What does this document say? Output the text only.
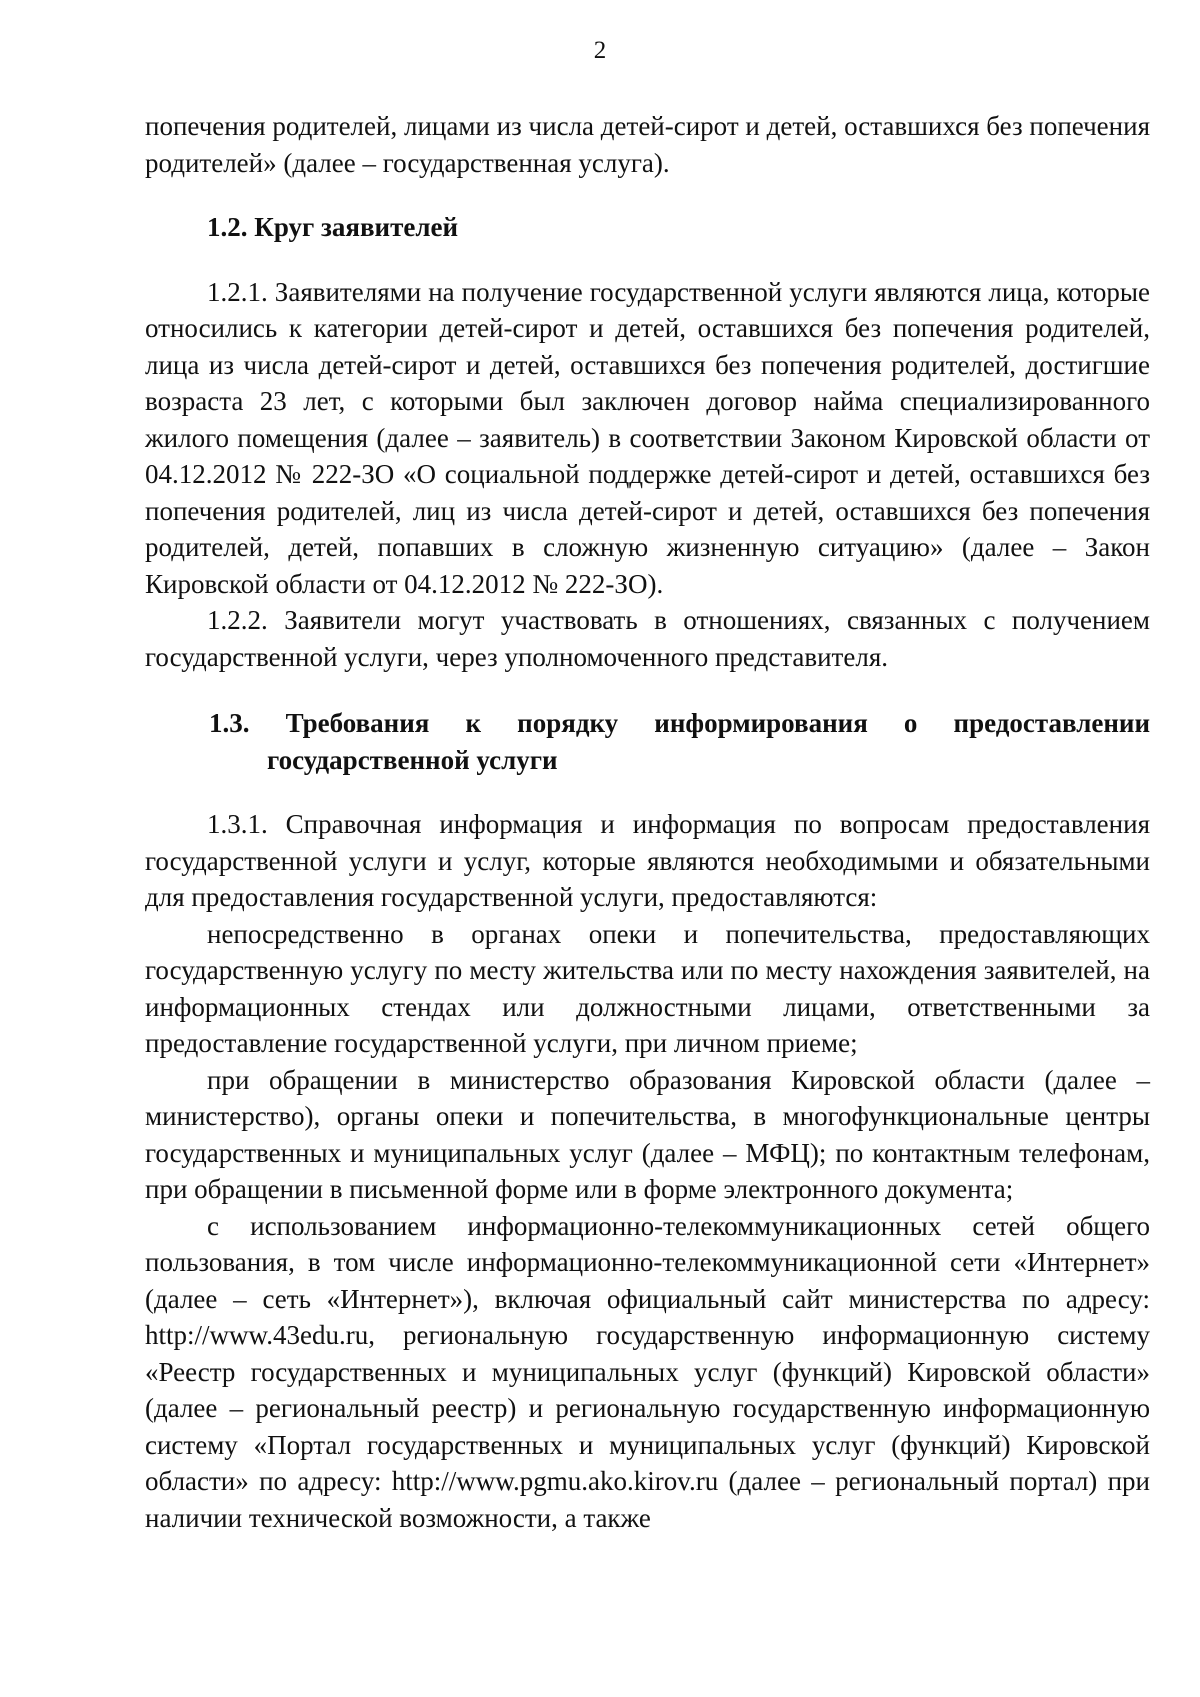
2

попечения родителей, лицами из числа детей-сирот и детей, оставшихся без попечения родителей» (далее – государственная услуга).

1.2. Круг заявителей

1.2.1. Заявителями на получение государственной услуги являются лица, которые относились к категории детей-сирот и детей, оставшихся без попечения родителей, лица из числа детей-сирот и детей, оставшихся без попечения родителей, достигшие возраста 23 лет, с которыми был заключен договор найма специализированного жилого помещения (далее – заявитель) в соответствии Законом Кировской области от 04.12.2012 № 222-ЗО «О социальной поддержке детей-сирот и детей, оставшихся без попечения родителей, лиц из числа детей-сирот и детей, оставшихся без попечения родителей, детей, попавших в сложную жизненную ситуацию» (далее – Закон Кировской области от 04.12.2012 № 222-ЗО).

1.2.2. Заявители могут участвовать в отношениях, связанных с получением государственной услуги, через уполномоченного представителя.

1.3. Требования к порядку информирования о предоставлении государственной услуги

1.3.1. Справочная информация и информация по вопросам предоставления государственной услуги и услуг, которые являются необходимыми и обязательными для предоставления государственной услуги, предоставляются:

непосредственно в органах опеки и попечительства, предоставляющих государственную услугу по месту жительства или по месту нахождения заявителей, на информационных стендах или должностными лицами, ответственными за предоставление государственной услуги, при личном приеме;

при обращении в министерство образования Кировской области (далее – министерство), органы опеки и попечительства, в многофункциональные центры государственных и муниципальных услуг (далее – МФЦ); по контактным телефонам, при обращении в письменной форме или в форме электронного документа;

с использованием информационно-телекоммуникационных сетей общего пользования, в том числе информационно-телекоммуникационной сети «Интернет» (далее – сеть «Интернет»), включая официальный сайт министерства по адресу: http://www.43edu.ru, региональную государственную информационную систему «Реестр государственных и муниципальных услуг (функций) Кировской области» (далее – региональный реестр) и региональную государственную информационную систему «Портал государственных и муниципальных услуг (функций) Кировской области» по адресу: http://www.pgmu.ako.kirov.ru (далее – региональный портал) при наличии технической возможности, а также
